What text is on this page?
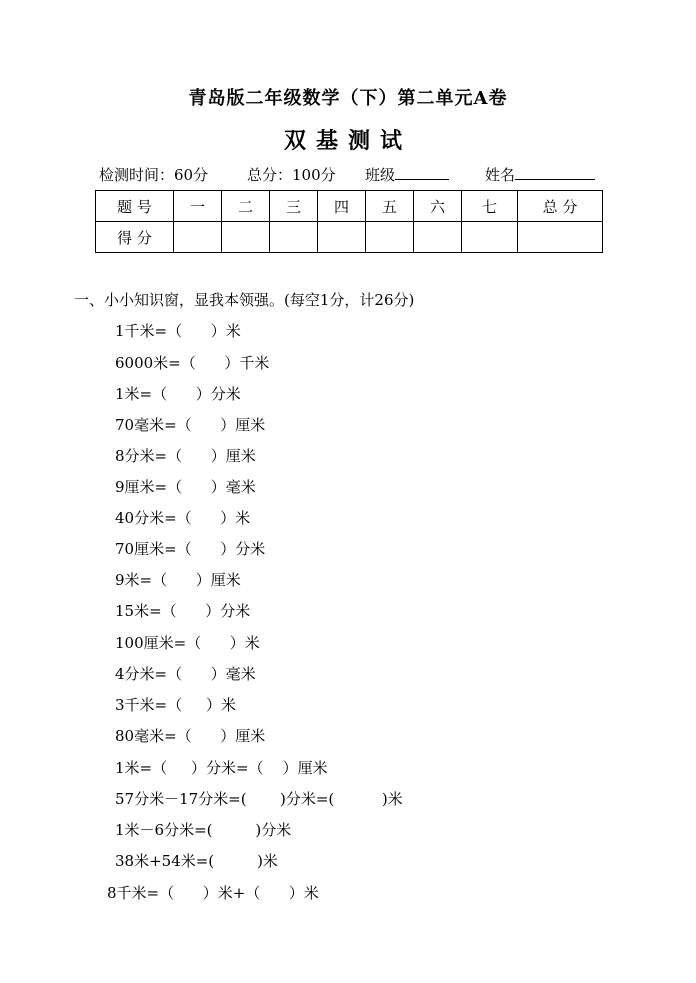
青岛版二年级数学（下）第二单元A卷
双基测试
检测时间：60分	总分：100分 班级	姓名
题 号	一	二	三	四	五	六	七	总 分
得 分								
一、小小知识窗，显我本领强。(每空1分，计26分)
1千米=（      ）米
6000米=（      ）千米
1米=（      ）分米
70毫米=（      ）厘米
8分米=（      ）厘米
9厘米=（      ）毫米
40分米=（      ）米
70厘米=（      ）分米
9米=（      ）厘米
15米=（      ）分米
100厘米=（      ）米
4分米=（      ）毫米
3千米=（     ）米
80毫米=（      ）厘米
1米=（     ）分米=（    ）厘米
57分米－17分米=(       )分米=(          )米
1米－6分米=(         )分米
38米+54米=(         )米
8千米=（      ）米+（      ）米
